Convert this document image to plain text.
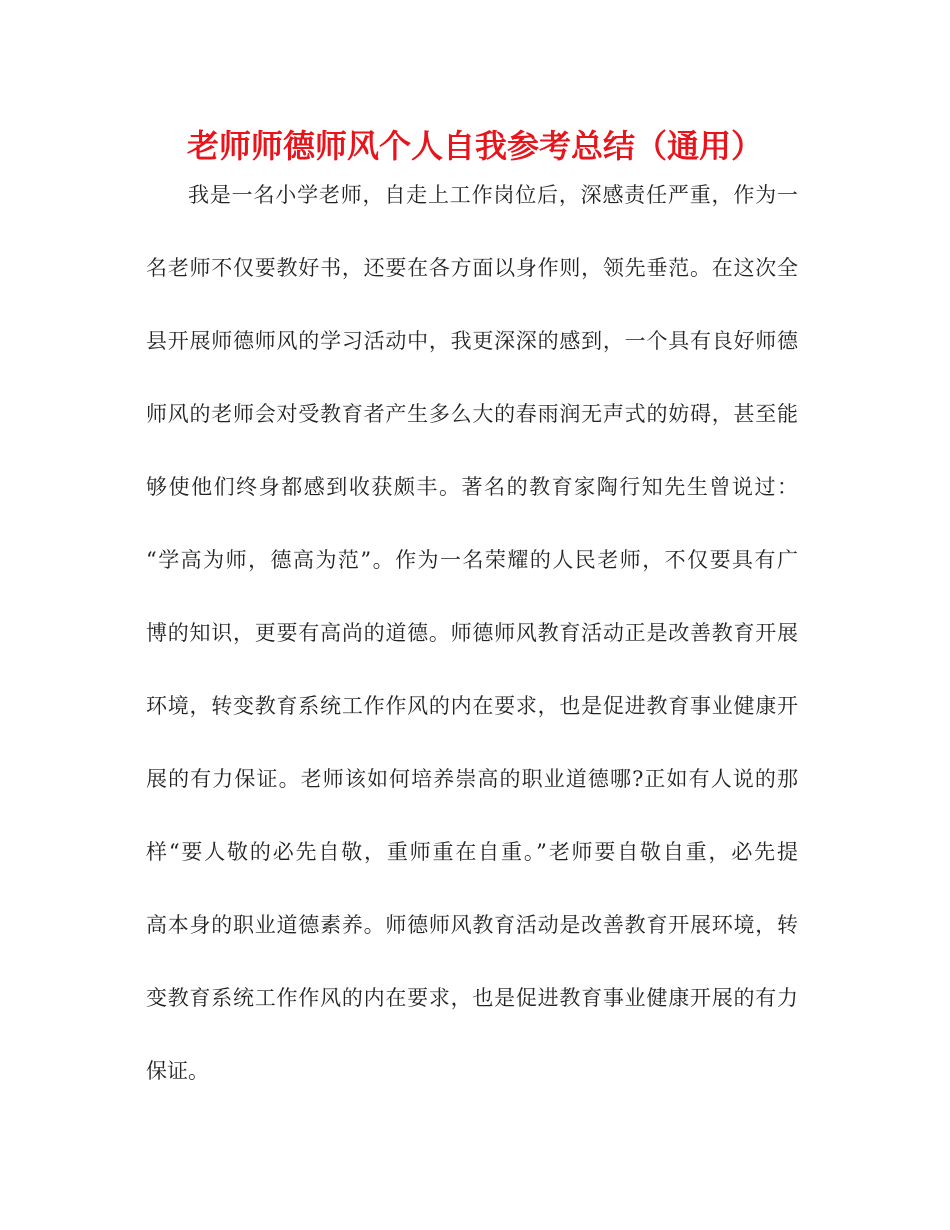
老师师德师风个人自我参考总结（通用）
我是一名小学老师，自走上工作岗位后，深感责任严重，作为一
名老师不仅要教好书，还要在各方面以身作则，领先垂范。在这次全
县开展师德师风的学习活动中，我更深深的感到，一个具有良好师德
师风的老师会对受教育者产生多么大的春雨润无声式的妨碍，甚至能
够使他们终身都感到收获颇丰。著名的教育家陶行知先生曾说过：
“学高为师，德高为范”。作为一名荣耀的人民老师，不仅要具有广
博的知识，更要有高尚的道德。师德师风教育活动正是改善教育开展
环境，转变教育系统工作作风的内在要求，也是促进教育事业健康开
展的有力保证。老师该如何培养崇高的职业道德哪?正如有人说的那
样“要人敬的必先自敬，重师重在自重。”老师要自敬自重，必先提
高本身的职业道德素养。师德师风教育活动是改善教育开展环境，转
变教育系统工作作风的内在要求，也是促进教育事业健康开展的有力
保证。
